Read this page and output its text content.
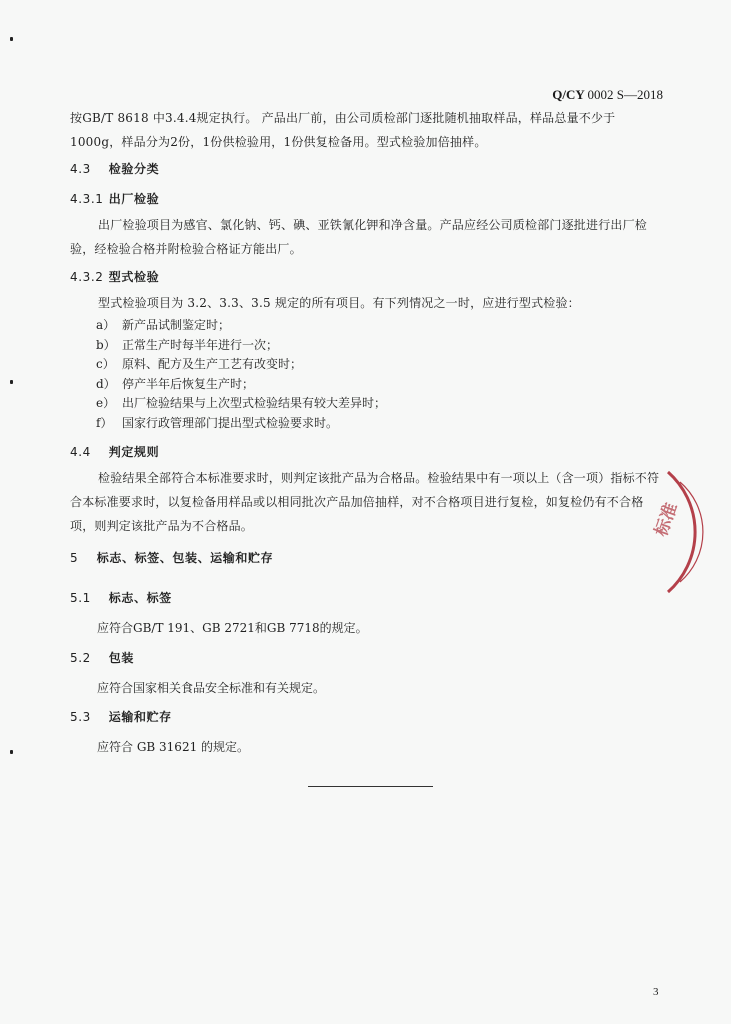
Q/CY 0002 S—2018
按GB/T 8618 中3.4.4规定执行。 产品出厂前，由公司质检部门逐批随机抽取样品，样品总量不少于1000g，样品分为2份，1份供检验用，1份供复检备用。型式检验加倍抽样。
4.3 检验分类
4.3.1 出厂检验
出厂检验项目为感官、氯化钠、钙、碘、亚铁氰化钾和净含量。产品应经公司质检部门逐批进行出厂检验，经检验合格并附检验合格证方能出厂。
4.3.2 型式检验
型式检验项目为 3.2、3.3、3.5 规定的所有项目。有下列情况之一时，应进行型式检验：
a） 新产品试制鉴定时；
b） 正常生产时每半年进行一次；
c） 原料、配方及生产工艺有改变时；
d） 停产半年后恢复生产时；
e） 出厂检验结果与上次型式检验结果有较大差异时；
f） 国家行政管理部门提出型式检验要求时。
4.4 判定规则
检验结果全部符合本标准要求时，则判定该批产品为合格品。检验结果中有一项以上（含一项）指标不符合本标准要求时，以复检备用样品或以相同批次产品加倍抽样，对不合格项目进行复检，如复检仍有不合格项，则判定该批产品为不合格品。
5 标志、标签、包装、运输和贮存
5.1 标志、标签
应符合GB/T 191、GB 2721和GB 7718的规定。
5.2 包装
应符合国家相关食品安全标准和有关规定。
5.3 运输和贮存
应符合 GB 31621 的规定。
标准
3
